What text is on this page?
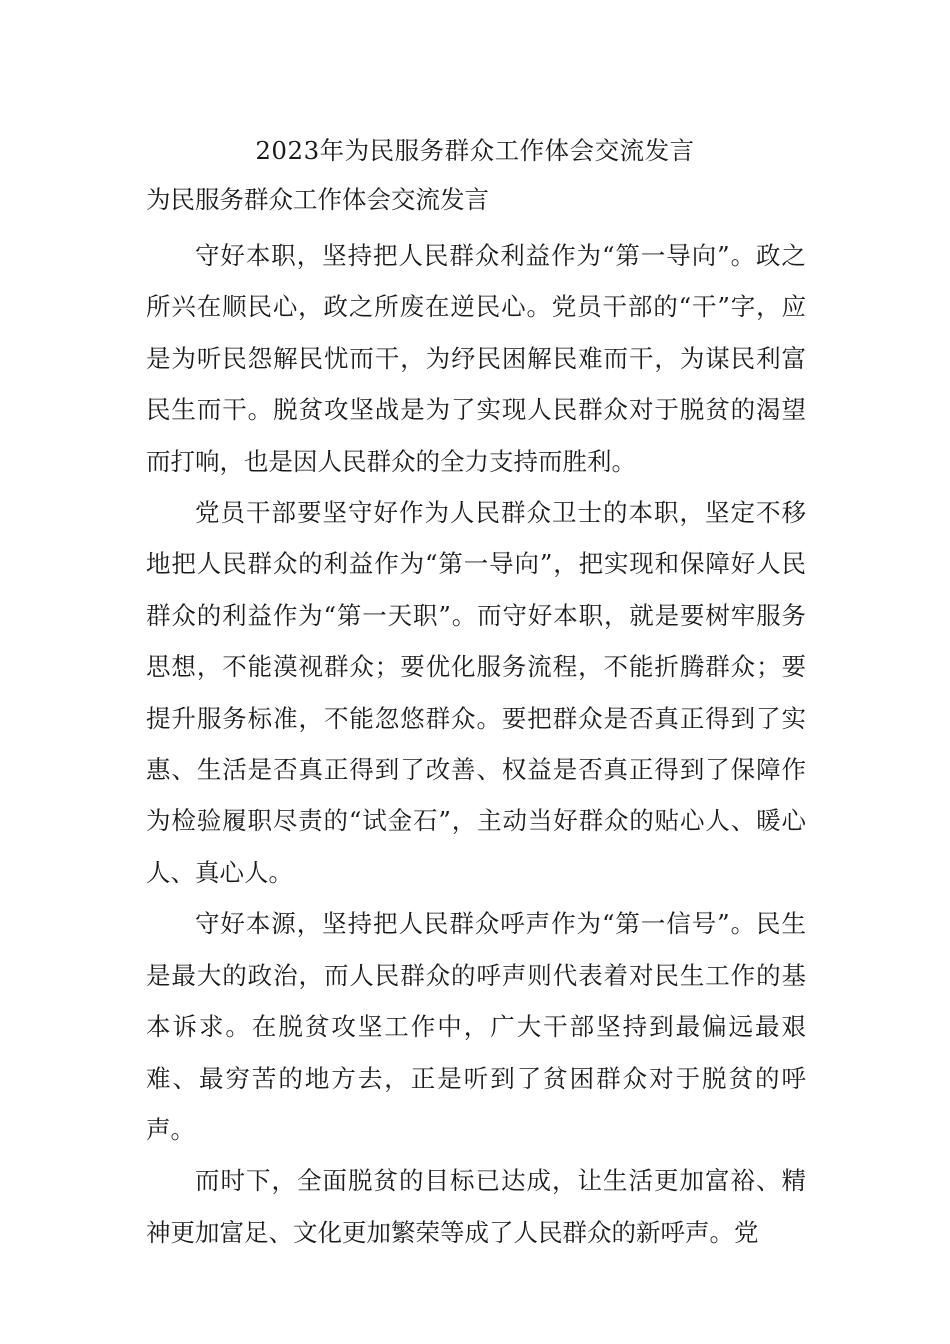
2023年为民服务群众工作体会交流发言
为民服务群众工作体会交流发言

守好本职，坚持把人民群众利益作为“第一导向”。政之所兴在顺民心，政之所废在逆民心。党员干部的“干”字，应是为听民怨解民忧而干，为纾民困解民难而干，为谋民利富民生而干。脱贫攻坚战是为了实现人民群众对于脱贫的渴望而打响，也是因人民群众的全力支持而胜利。

党员干部要坚守好作为人民群众卫士的本职，坚定不移地把人民群众的利益作为“第一导向”，把实现和保障好人民群众的利益作为“第一天职”。而守好本职，就是要树牢服务思想，不能漠视群众；要优化服务流程，不能折腾群众；要提升服务标准，不能忽悠群众。要把群众是否真正得到了实惠、生活是否真正得到了改善、权益是否真正得到了保障作为检验履职尽责的“试金石”，主动当好群众的贴心人、暖心人、真心人。

守好本源，坚持把人民群众呼声作为“第一信号”。民生是最大的政治，而人民群众的呼声则代表着对民生工作的基本诉求。在脱贫攻坚工作中，广大干部坚持到最偏远最艰难、最穷苦的地方去，正是听到了贫困群众对于脱贫的呼声。

而时下，全面脱贫的目标已达成，让生活更加富裕、精神更加富足、文化更加繁荣等成了人民群众的新呼声。党
